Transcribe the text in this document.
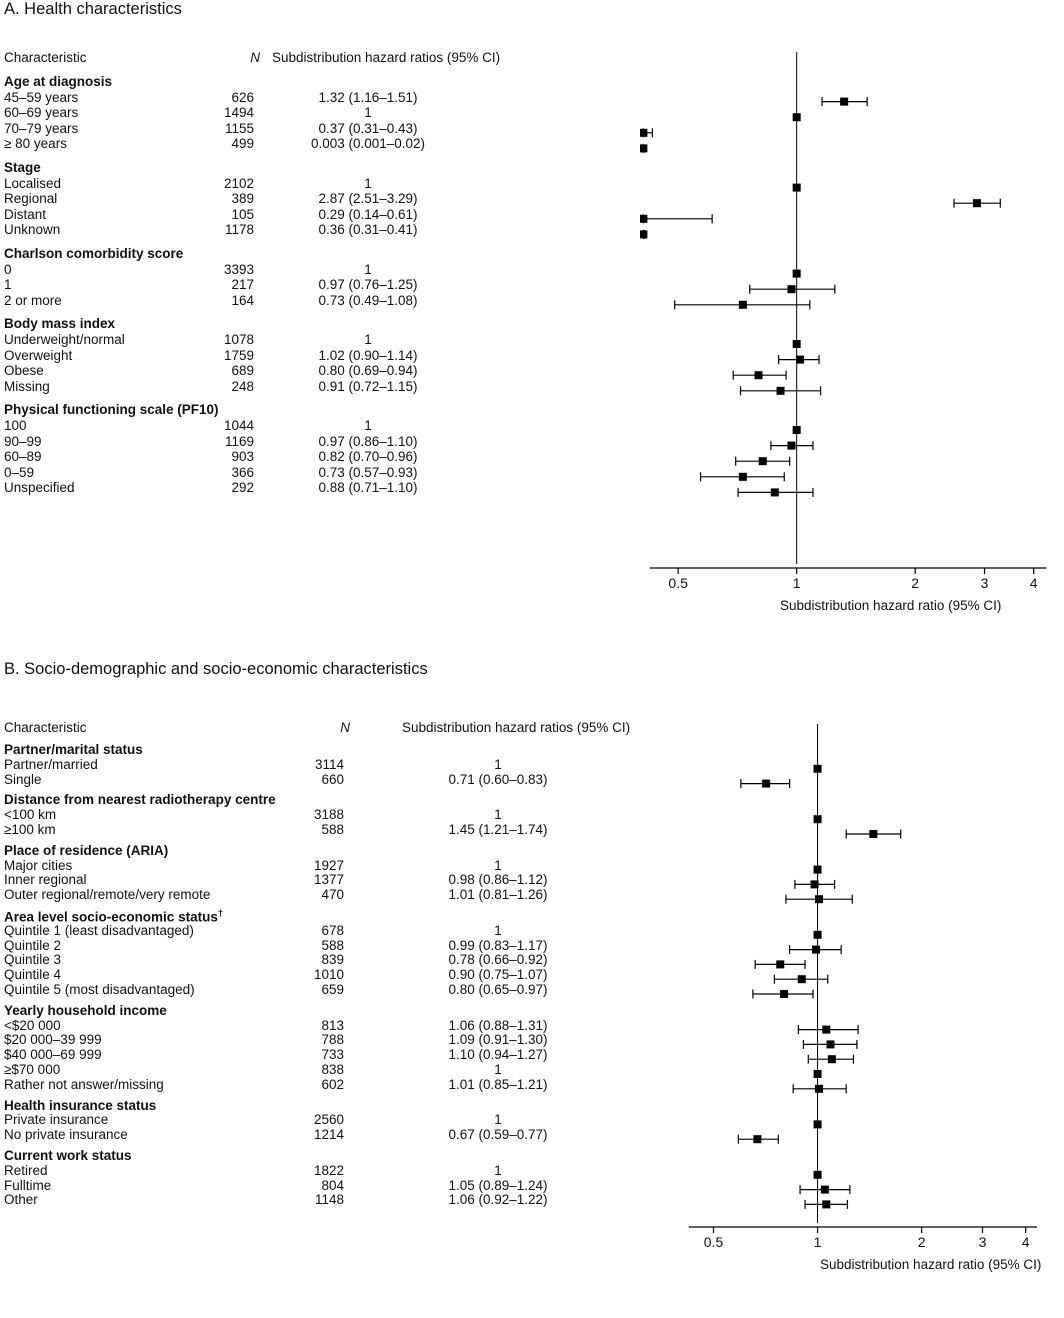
A. Health characteristics
Characteristic	N Subdistribution hazard ratios (95% CI)
Age at diagnosis
45–59 years	626	1.32 (1.16–1.51)
60–69 years	1494	1
70–79 years	1155	0.37 (0.31–0.43)
≥ 80 years	499	0.003 (0.001–0.02)
Stage
Localised	2102	1
Regional	389	2.87 (2.51–3.29)
Distant	105	0.29 (0.14–0.61)
Unknown	1178	0.36 (0.31–0.41)
Charlson comorbidity score
0	3393	1
1	217	0.97 (0.76–1.25)
2 or more	164	0.73 (0.49–1.08)
Body mass index
Underweight/normal	1078	1
Overweight	1759	1.02 (0.90–1.14)
Obese	689	0.80 (0.69–0.94)
Missing	248	0.91 (0.72–1.15)
Physical functioning scale (PF10)
100	1044	1
90–99	1169	0.97 (0.86–1.10)
60–89	903	0.82 (0.70–0.96)
0–59	366	0.73 (0.57–0.93)
Unspecified	292	0.88 (0.71–1.10)
0.5	1	2	3	4
Subdistribution hazard ratio (95% CI)
B. Socio-demographic and socio-economic characteristics
Characteristic	N	Subdistribution hazard ratios (95% CI)
Partner/marital status
Partner/married	3114	1
Single	660	0.71 (0.60–0.83)
Distance from nearest radiotherapy centre
<100 km	3188	1
≥100 km	588	1.45 (1.21–1.74)
Place of residence (ARIA)
Major cities	1927	1
Inner regional	1377	0.98 (0.86–1.12)
Outer regional/remote/very remote	470	1.01 (0.81–1.26)
Area level socio-economic status†
Quintile 1 (least disadvantaged)	678	1
Quintile 2	588	0.99 (0.83–1.17)
Quintile 3	839	0.78 (0.66–0.92)
Quintile 4	1010	0.90 (0.75–1.07)
Quintile 5 (most disadvantaged)	659	0.80 (0.65–0.97)
Yearly household income
<$20 000	813	1.06 (0.88–1.31)
$20 000–39 999	788	1.09 (0.91–1.30)
$40 000–69 999	733	1.10 (0.94–1.27)
≥$70 000	838	1
Rather not answer/missing	602	1.01 (0.85–1.21)
Health insurance status
Private insurance	2560	1
No private insurance	1214	0.67 (0.59–0.77)
Current work status
Retired	1822	1
Fulltime	804	1.05 (0.89–1.24)
Other	1148	1.06 (0.92–1.22)
0.5	1	2	3	4
Subdistribution hazard ratio (95% CI)
